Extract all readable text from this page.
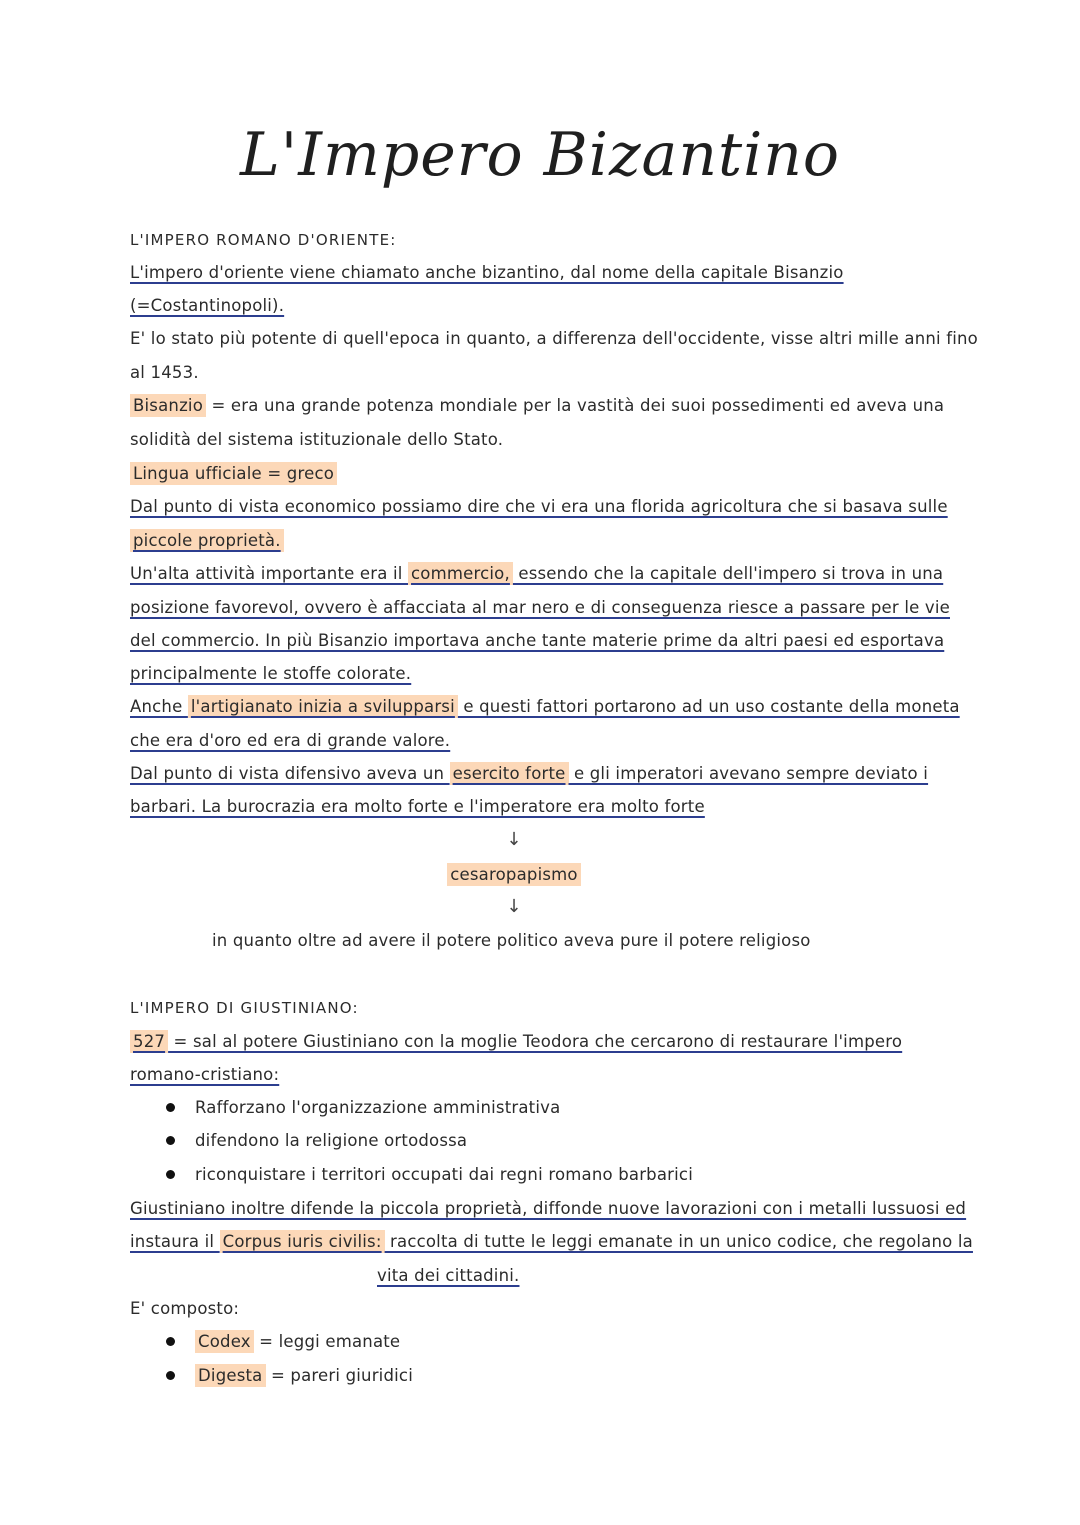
L'Impero Bizantino
L'IMPERO ROMANO D'ORIENTE:
L'impero d'oriente viene chiamato anche bizantino, dal nome della capitale Bisanzio
(=Costantinopoli).
E' lo stato più potente di quell'epoca in quanto, a differenza dell'occidente, visse altri mille anni fino
al 1453.
Bisanzio = era una grande potenza mondiale per la vastità dei suoi possedimenti ed aveva una
solidità del sistema istituzionale dello Stato.
Lingua ufficiale = greco
Dal punto di vista economico possiamo dire che vi era una florida agricoltura che si basava sulle
piccole proprietà.
Un'alta attività importante era il commercio, essendo che la capitale dell'impero si trova in una
posizione favorevol, ovvero è affacciata al mar nero e di conseguenza riesce a passare per le vie
del commercio. In più Bisanzio importava anche tante materie prime da altri paesi ed esportava
principalmente le stoffe colorate.
Anche l'artigianato inizia a svilupparsi e questi fattori portarono ad un uso costante della moneta
che era d'oro ed era di grande valore.
Dal punto di vista difensivo aveva un esercito forte e gli imperatori avevano sempre deviato i
barbari. La burocrazia era molto forte e l'imperatore era molto forte
↓
cesaropapismo
↓
in quanto oltre ad avere il potere politico aveva pure il potere religioso
L'IMPERO DI GIUSTINIANO:
527 = sal al potere Giustiniano con la moglie Teodora che cercarono di restaurare l'impero
romano-cristiano:
Rafforzano l'organizzazione amministrativa
difendono la religione ortodossa
riconquistare i territori occupati dai regni romano barbarici
Giustiniano inoltre difende la piccola proprietà, diffonde nuove lavorazioni con i metalli lussuosi ed
instaura il Corpus iuris civilis: raccolta di tutte le leggi emanate in un unico codice, che regolano la
vita dei cittadini.
E' composto:
Codex = leggi emanate
Digesta = pareri giuridici
